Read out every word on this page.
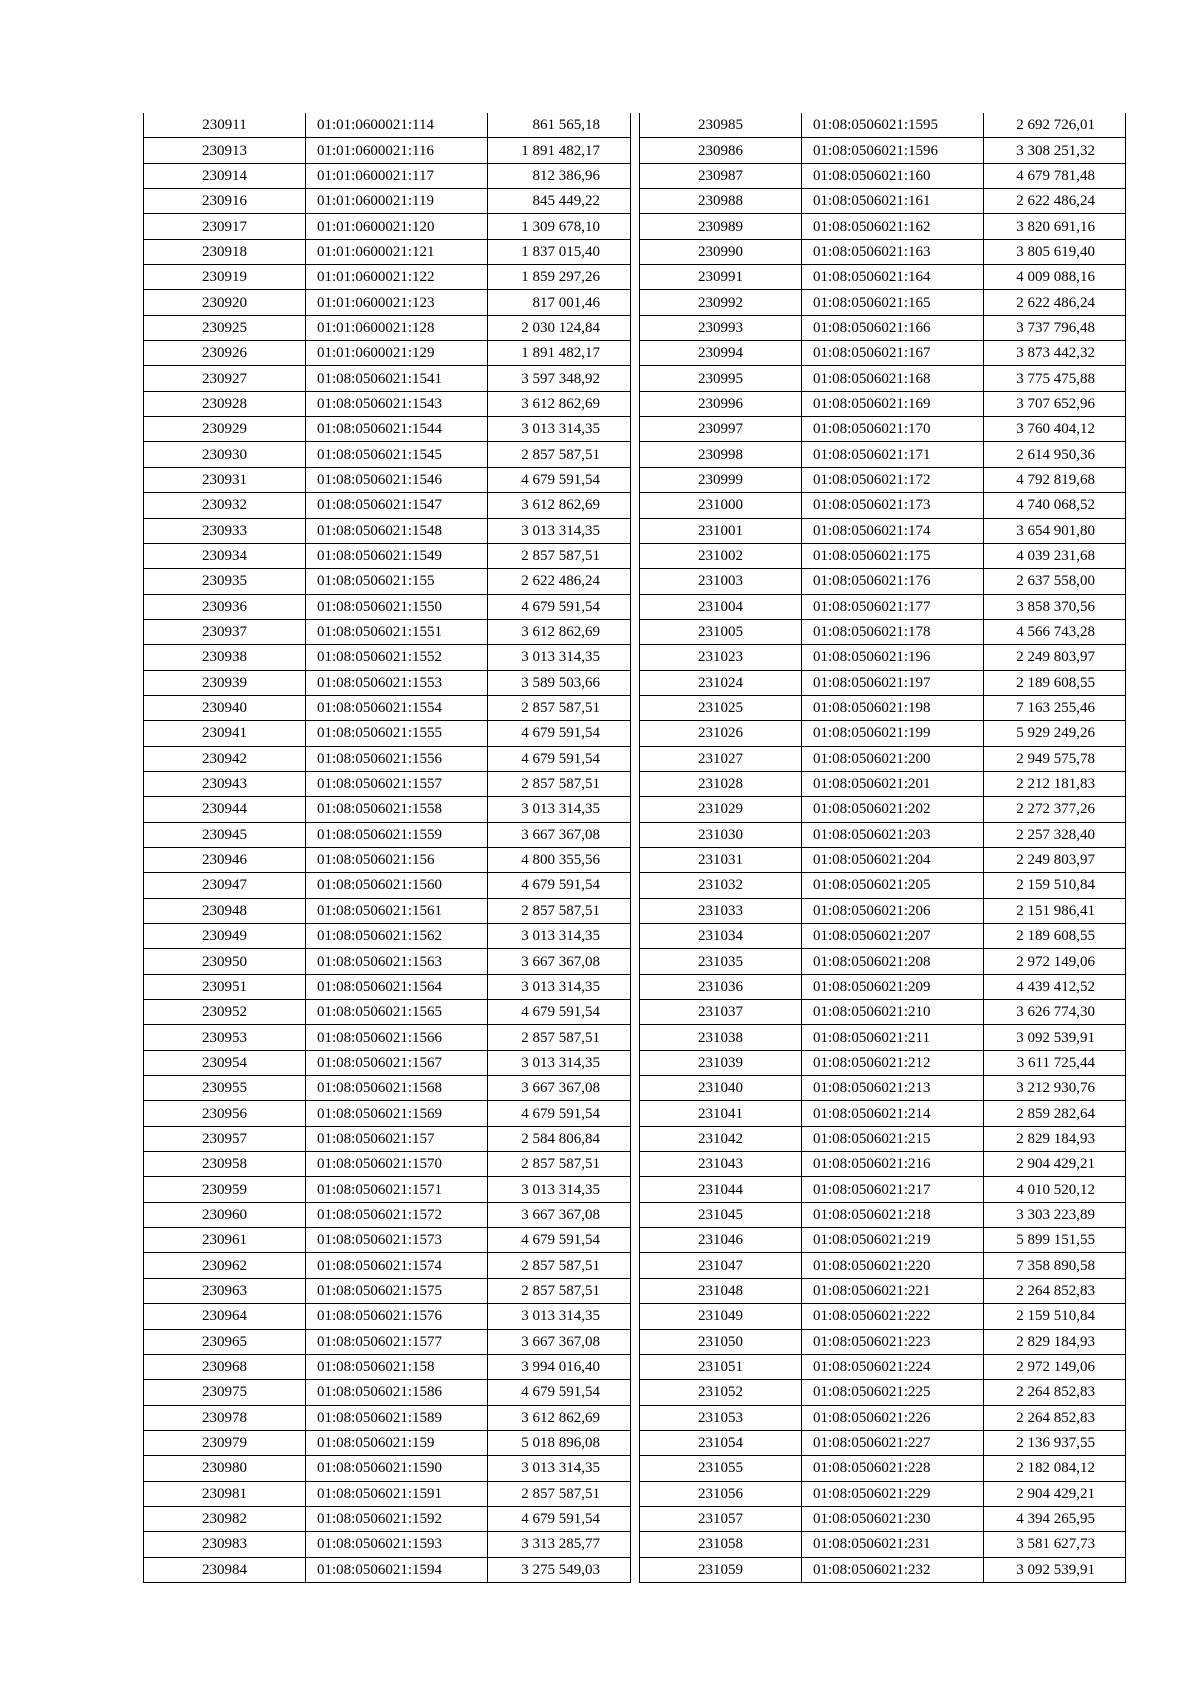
230911	01:01:0600021:114	861 565,18
230913	01:01:0600021:116	1 891 482,17
230914	01:01:0600021:117	812 386,96
230916	01:01:0600021:119	845 449,22
230917	01:01:0600021:120	1 309 678,10
230918	01:01:0600021:121	1 837 015,40
230919	01:01:0600021:122	1 859 297,26
230920	01:01:0600021:123	817 001,46
230925	01:01:0600021:128	2 030 124,84
230926	01:01:0600021:129	1 891 482,17
230927	01:08:0506021:1541	3 597 348,92
230928	01:08:0506021:1543	3 612 862,69
230929	01:08:0506021:1544	3 013 314,35
230930	01:08:0506021:1545	2 857 587,51
230931	01:08:0506021:1546	4 679 591,54
230932	01:08:0506021:1547	3 612 862,69
230933	01:08:0506021:1548	3 013 314,35
230934	01:08:0506021:1549	2 857 587,51
230935	01:08:0506021:155	2 622 486,24
230936	01:08:0506021:1550	4 679 591,54
230937	01:08:0506021:1551	3 612 862,69
230938	01:08:0506021:1552	3 013 314,35
230939	01:08:0506021:1553	3 589 503,66
230940	01:08:0506021:1554	2 857 587,51
230941	01:08:0506021:1555	4 679 591,54
230942	01:08:0506021:1556	4 679 591,54
230943	01:08:0506021:1557	2 857 587,51
230944	01:08:0506021:1558	3 013 314,35
230945	01:08:0506021:1559	3 667 367,08
230946	01:08:0506021:156	4 800 355,56
230947	01:08:0506021:1560	4 679 591,54
230948	01:08:0506021:1561	2 857 587,51
230949	01:08:0506021:1562	3 013 314,35
230950	01:08:0506021:1563	3 667 367,08
230951	01:08:0506021:1564	3 013 314,35
230952	01:08:0506021:1565	4 679 591,54
230953	01:08:0506021:1566	2 857 587,51
230954	01:08:0506021:1567	3 013 314,35
230955	01:08:0506021:1568	3 667 367,08
230956	01:08:0506021:1569	4 679 591,54
230957	01:08:0506021:157	2 584 806,84
230958	01:08:0506021:1570	2 857 587,51
230959	01:08:0506021:1571	3 013 314,35
230960	01:08:0506021:1572	3 667 367,08
230961	01:08:0506021:1573	4 679 591,54
230962	01:08:0506021:1574	2 857 587,51
230963	01:08:0506021:1575	2 857 587,51
230964	01:08:0506021:1576	3 013 314,35
230965	01:08:0506021:1577	3 667 367,08
230968	01:08:0506021:158	3 994 016,40
230975	01:08:0506021:1586	4 679 591,54
230978	01:08:0506021:1589	3 612 862,69
230979	01:08:0506021:159	5 018 896,08
230980	01:08:0506021:1590	3 013 314,35
230981	01:08:0506021:1591	2 857 587,51
230982	01:08:0506021:1592	4 679 591,54
230983	01:08:0506021:1593	3 313 285,77
230984	01:08:0506021:1594	3 275 549,03
230985	01:08:0506021:1595	2 692 726,01
230986	01:08:0506021:1596	3 308 251,32
230987	01:08:0506021:160	4 679 781,48
230988	01:08:0506021:161	2 622 486,24
230989	01:08:0506021:162	3 820 691,16
230990	01:08:0506021:163	3 805 619,40
230991	01:08:0506021:164	4 009 088,16
230992	01:08:0506021:165	2 622 486,24
230993	01:08:0506021:166	3 737 796,48
230994	01:08:0506021:167	3 873 442,32
230995	01:08:0506021:168	3 775 475,88
230996	01:08:0506021:169	3 707 652,96
230997	01:08:0506021:170	3 760 404,12
230998	01:08:0506021:171	2 614 950,36
230999	01:08:0506021:172	4 792 819,68
231000	01:08:0506021:173	4 740 068,52
231001	01:08:0506021:174	3 654 901,80
231002	01:08:0506021:175	4 039 231,68
231003	01:08:0506021:176	2 637 558,00
231004	01:08:0506021:177	3 858 370,56
231005	01:08:0506021:178	4 566 743,28
231023	01:08:0506021:196	2 249 803,97
231024	01:08:0506021:197	2 189 608,55
231025	01:08:0506021:198	7 163 255,46
231026	01:08:0506021:199	5 929 249,26
231027	01:08:0506021:200	2 949 575,78
231028	01:08:0506021:201	2 212 181,83
231029	01:08:0506021:202	2 272 377,26
231030	01:08:0506021:203	2 257 328,40
231031	01:08:0506021:204	2 249 803,97
231032	01:08:0506021:205	2 159 510,84
231033	01:08:0506021:206	2 151 986,41
231034	01:08:0506021:207	2 189 608,55
231035	01:08:0506021:208	2 972 149,06
231036	01:08:0506021:209	4 439 412,52
231037	01:08:0506021:210	3 626 774,30
231038	01:08:0506021:211	3 092 539,91
231039	01:08:0506021:212	3 611 725,44
231040	01:08:0506021:213	3 212 930,76
231041	01:08:0506021:214	2 859 282,64
231042	01:08:0506021:215	2 829 184,93
231043	01:08:0506021:216	2 904 429,21
231044	01:08:0506021:217	4 010 520,12
231045	01:08:0506021:218	3 303 223,89
231046	01:08:0506021:219	5 899 151,55
231047	01:08:0506021:220	7 358 890,58
231048	01:08:0506021:221	2 264 852,83
231049	01:08:0506021:222	2 159 510,84
231050	01:08:0506021:223	2 829 184,93
231051	01:08:0506021:224	2 972 149,06
231052	01:08:0506021:225	2 264 852,83
231053	01:08:0506021:226	2 264 852,83
231054	01:08:0506021:227	2 136 937,55
231055	01:08:0506021:228	2 182 084,12
231056	01:08:0506021:229	2 904 429,21
231057	01:08:0506021:230	4 394 265,95
231058	01:08:0506021:231	3 581 627,73
231059	01:08:0506021:232	3 092 539,91
